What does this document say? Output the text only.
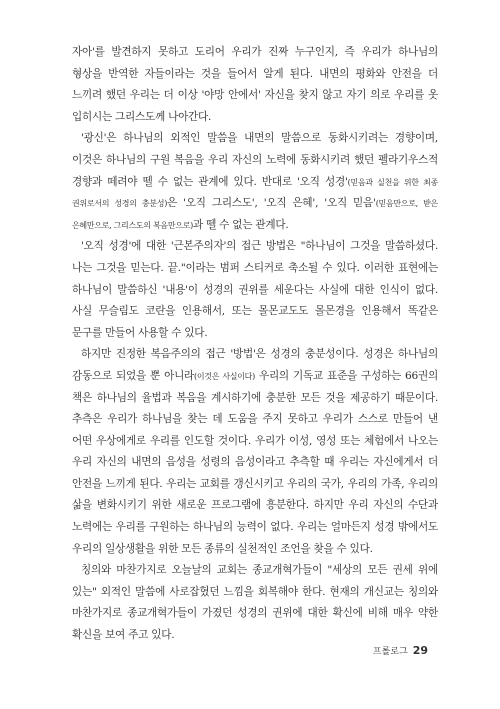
자아'를 발견하지 못하고 도리어 우리가 진짜 누구인지, 즉 우리가 하나님의 형상을 반역한 자들이라는 것을 들어서 알게 된다. 내면의 평화와 안전을 더 느끼려 했던 우리는 더 이상 '야망 안에서' 자신을 찾지 않고 자기 의로 우리를 옷 입히시는 그리스도께 나아간다.

'광신'은 하나님의 외적인 말씀을 내면의 말씀으로 동화시키려는 경향이며, 이것은 하나님의 구원 복음을 우리 자신의 노력에 동화시키려 했던 펠라기우스적 경향과 떼려야 뗄 수 없는 관계에 있다. 반대로 '오직 성경'(믿음과 실천을 위한 최종 권위로서의 성경의 충분성)은 '오직 그리스도', '오직 은혜', '오직 믿음'(믿음만으로, 받은 은혜만으로, 그리스도의 복음만으로)과 뗄 수 없는 관계다.

'오직 성경'에 대한 '근본주의자'의 접근 방법은 "하나님이 그것을 말씀하셨다. 나는 그것을 믿는다. 끝."이라는 범퍼 스티커로 축소될 수 있다. 이러한 표현에는 하나님이 말씀하신 '내용'이 성경의 권위를 세운다는 사실에 대한 인식이 없다. 사실 무슬림도 코란을 인용해서, 또는 몰몬교도도 몰몬경을 인용해서 똑같은 문구를 만들어 사용할 수 있다.

하지만 진정한 복음주의의 접근 '방법'은 성경의 충분성이다. 성경은 하나님의 감동으로 되었을 뿐 아니라(이것은 사실이다) 우리의 기독교 표준을 구성하는 66권의 책은 하나님의 율법과 복음을 계시하기에 충분한 모든 것을 제공하기 때문이다. 추측은 우리가 하나님을 찾는 데 도움을 주지 못하고 우리가 스스로 만들어 낸 어떤 우상에게로 우리를 인도할 것이다. 우리가 이성, 영성 또는 체험에서 나오는 우리 자신의 내면의 음성을 성령의 음성이라고 추측할 때 우리는 자신에게서 더 안전을 느끼게 된다. 우리는 교회를 갱신시키고 우리의 국가, 우리의 가족, 우리의 삶을 변화시키기 위한 새로운 프로그램에 흥분한다. 하지만 우리 자신의 수단과 노력에는 우리를 구원하는 하나님의 능력이 없다. 우리는 얼마든지 성경 밖에서도 우리의 일상생활을 위한 모든 종류의 실천적인 조언을 찾을 수 있다.

칭의와 마찬가지로 오늘날의 교회는 종교개혁가들이 "세상의 모든 권세 위에 있는" 외적인 말씀에 사로잡혔던 느낌을 회복해야 한다. 현재의 개신교는 칭의와 마찬가지로 종교개혁가들이 가졌던 성경의 권위에 대한 확신에 비해 매우 약한 확신을 보여 주고 있다.

프롤로그 29
